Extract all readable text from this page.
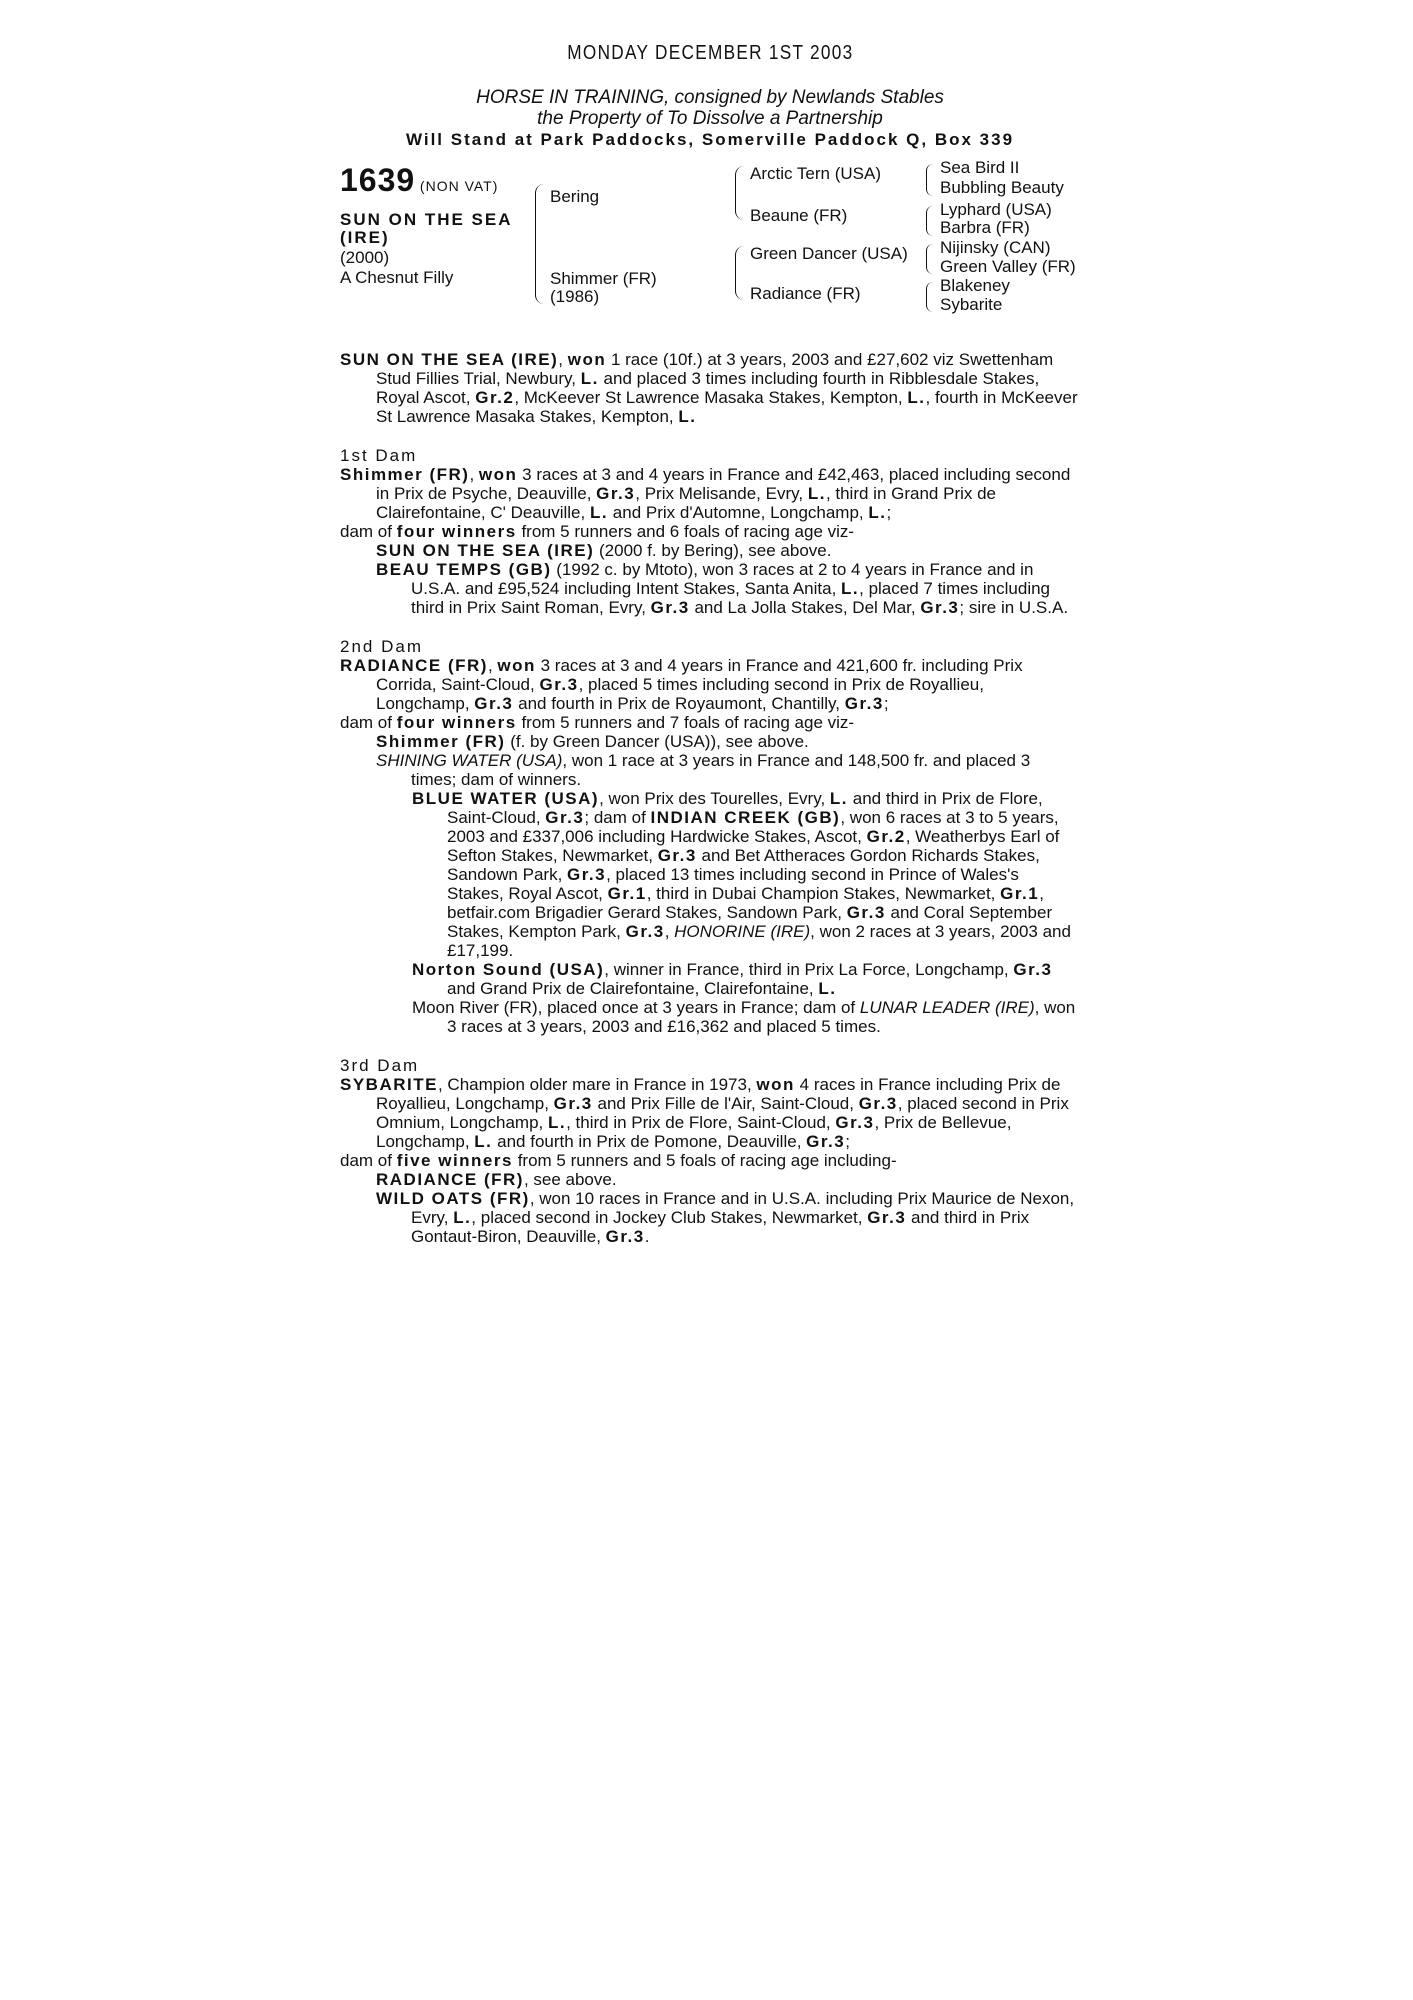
MONDAY DECEMBER 1ST 2003
HORSE IN TRAINING, consigned by Newlands Stables
the Property of To Dissolve a Partnership
Will Stand at Park Paddocks, Somerville Paddock Q, Box 339
1639 (NON VAT)
SUN ON THE SEA
(IRE)
(2000)
A Chesnut Filly
Bering
Shimmer (FR)
(1986)
Arctic Tern (USA)
Beaune (FR)
Green Dancer (USA)
Radiance (FR)
Sea Bird II
Bubbling Beauty
Lyphard (USA)
Barbra (FR)
Nijinsky (CAN)
Green Valley (FR)
Blakeney
Sybarite
SUN ON THE SEA (IRE), won 1 race (10f.) at 3 years, 2003 and £27,602 viz Swettenham Stud Fillies Trial, Newbury, L. and placed 3 times including fourth in Ribblesdale Stakes, Royal Ascot, Gr.2, McKeever St Lawrence Masaka Stakes, Kempton, L., fourth in McKeever St Lawrence Masaka Stakes, Kempton, L.
1st Dam
Shimmer (FR), won 3 races at 3 and 4 years in France and £42,463, placed including second in Prix de Psyche, Deauville, Gr.3, Prix Melisande, Evry, L., third in Grand Prix de Clairefontaine, C' Deauville, L. and Prix d'Automne, Longchamp, L.;
dam of four winners from 5 runners and 6 foals of racing age viz-
SUN ON THE SEA (IRE) (2000 f. by Bering), see above.
BEAU TEMPS (GB) (1992 c. by Mtoto), won 3 races at 2 to 4 years in France and in U.S.A. and £95,524 including Intent Stakes, Santa Anita, L., placed 7 times including third in Prix Saint Roman, Evry, Gr.3 and La Jolla Stakes, Del Mar, Gr.3; sire in U.S.A.
2nd Dam
RADIANCE (FR), won 3 races at 3 and 4 years in France and 421,600 fr. including Prix Corrida, Saint-Cloud, Gr.3, placed 5 times including second in Prix de Royallieu, Longchamp, Gr.3 and fourth in Prix de Royaumont, Chantilly, Gr.3;
dam of four winners from 5 runners and 7 foals of racing age viz-
Shimmer (FR) (f. by Green Dancer (USA)), see above.
SHINING WATER (USA), won 1 race at 3 years in France and 148,500 fr. and placed 3 times; dam of winners.
BLUE WATER (USA), won Prix des Tourelles, Evry, L. and third in Prix de Flore, Saint-Cloud, Gr.3; dam of INDIAN CREEK (GB), won 6 races at 3 to 5 years, 2003 and £337,006 including Hardwicke Stakes, Ascot, Gr.2, Weatherbys Earl of Sefton Stakes, Newmarket, Gr.3 and Bet Attheraces Gordon Richards Stakes, Sandown Park, Gr.3, placed 13 times including second in Prince of Wales's Stakes, Royal Ascot, Gr.1, third in Dubai Champion Stakes, Newmarket, Gr.1, betfair.com Brigadier Gerard Stakes, Sandown Park, Gr.3 and Coral September Stakes, Kempton Park, Gr.3, HONORINE (IRE), won 2 races at 3 years, 2003 and £17,199.
Norton Sound (USA), winner in France, third in Prix La Force, Longchamp, Gr.3 and Grand Prix de Clairefontaine, Clairefontaine, L.
Moon River (FR), placed once at 3 years in France; dam of LUNAR LEADER (IRE), won 3 races at 3 years, 2003 and £16,362 and placed 5 times.
3rd Dam
SYBARITE, Champion older mare in France in 1973, won 4 races in France including Prix de Royallieu, Longchamp, Gr.3 and Prix Fille de l'Air, Saint-Cloud, Gr.3, placed second in Prix Omnium, Longchamp, L., third in Prix de Flore, Saint-Cloud, Gr.3, Prix de Bellevue, Longchamp, L. and fourth in Prix de Pomone, Deauville, Gr.3;
dam of five winners from 5 runners and 5 foals of racing age including-
RADIANCE (FR), see above.
WILD OATS (FR), won 10 races in France and in U.S.A. including Prix Maurice de Nexon, Evry, L., placed second in Jockey Club Stakes, Newmarket, Gr.3 and third in Prix Gontaut-Biron, Deauville, Gr.3.
